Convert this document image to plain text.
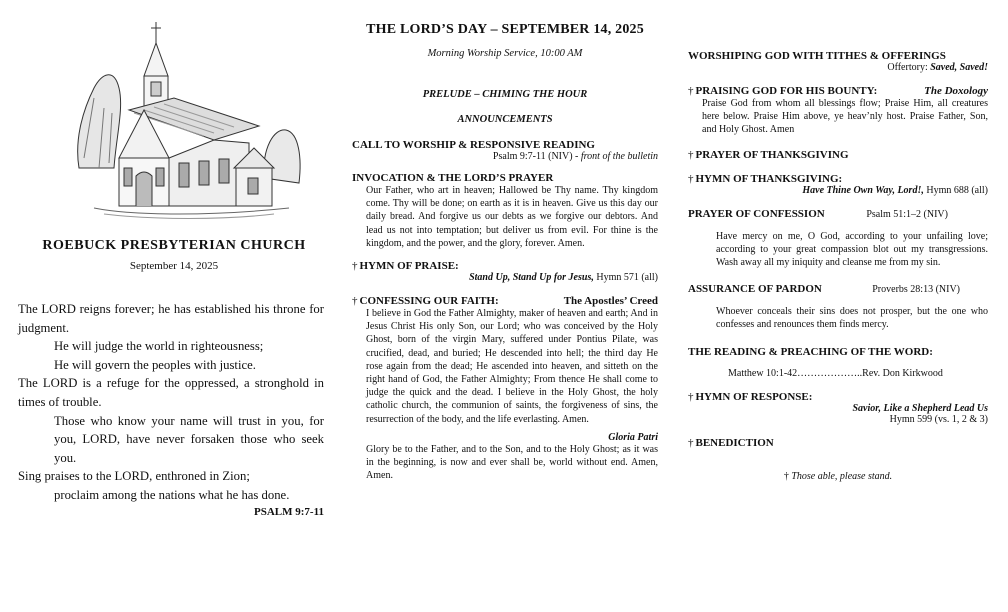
ROEBUCK PRESBYTERIAN CHURCH
September 14, 2025
The LORD reigns forever; he has established his throne for judgment.
He will judge the world in righteousness;
He will govern the peoples with justice.
The LORD is a refuge for the oppressed, a stronghold in times of trouble.
Those who know your name will trust in you, for you, LORD, have never forsaken those who seek you.
Sing praises to the LORD, enthroned in Zion;
proclaim among the nations what he has done.
PSALM 9:7-11
THE LORD’S DAY – SEPTEMBER 14, 2025
Morning Worship Service, 10:00 AM
PRELUDE – CHIMING THE HOUR
ANNOUNCEMENTS
CALL TO WORSHIP & RESPONSIVE READING
Psalm 9:7-11 (NIV) - front of the bulletin
INVOCATION & THE LORD’S PRAYER
Our Father, who art in heaven; Hallowed be Thy name. Thy kingdom come. Thy will be done; on earth as it is in heaven. Give us this day our daily bread. And forgive us our debts as we forgive our debtors. And lead us not into temptation; but deliver us from evil. For thine is the kingdom, and the power, and the glory, forever. Amen.
† HYMN OF PRAISE:
Stand Up, Stand Up for Jesus, Hymn 571 (all)
† CONFESSING OUR FAITH:	The Apostles’ Creed
I believe in God the Father Almighty, maker of heaven and earth; And in Jesus Christ His only Son, our Lord; who was conceived by the Holy Ghost, born of the virgin Mary, suffered under Pontius Pilate, was crucified, dead, and buried; He descended into hell; the third day He rose again from the dead; He ascended into heaven, and sitteth on the right hand of God, the Father Almighty; From thence He shall come to judge the quick and the dead. I believe in the Holy Ghost, the holy catholic church, the communion of saints, the forgiveness of sins, the resurrection of the body, and the life everlasting. Amen.
Gloria Patri
Glory be to the Father, and to the Son, and to the Holy Ghost; as it was in the beginning, is now and ever shall be, world without end. Amen, Amen.
WORSHIPING GOD WITH TITHES & OFFERINGS
Offertory: Saved, Saved!
† PRAISING GOD FOR HIS BOUNTY:	The Doxology
Praise God from whom all blessings flow; Praise Him, all creatures here below. Praise Him above, ye heav’nly host. Praise Father, Son, and Holy Ghost. Amen
† PRAYER OF THANKSGIVING
† HYMN OF THANKSGIVING:
Have Thine Own Way, Lord!, Hymn 688 (all)
PRAYER OF CONFESSION	Psalm 51:1–2 (NIV)
Have mercy on me, O God, according to your unfailing love; according to your great compassion blot out my transgressions. Wash away all my iniquity and cleanse me from my sin.
ASSURANCE OF PARDON	Proverbs 28:13 (NIV)
Whoever conceals their sins does not prosper, but the one who confesses and renounces them finds mercy.
THE READING & PREACHING OF THE WORD:
Matthew 10:1-42………………..Rev. Don Kirkwood
† HYMN OF RESPONSE:
Savior, Like a Shepherd Lead Us
Hymn 599 (vs. 1, 2 & 3)
† BENEDICTION
† Those able, please stand.
